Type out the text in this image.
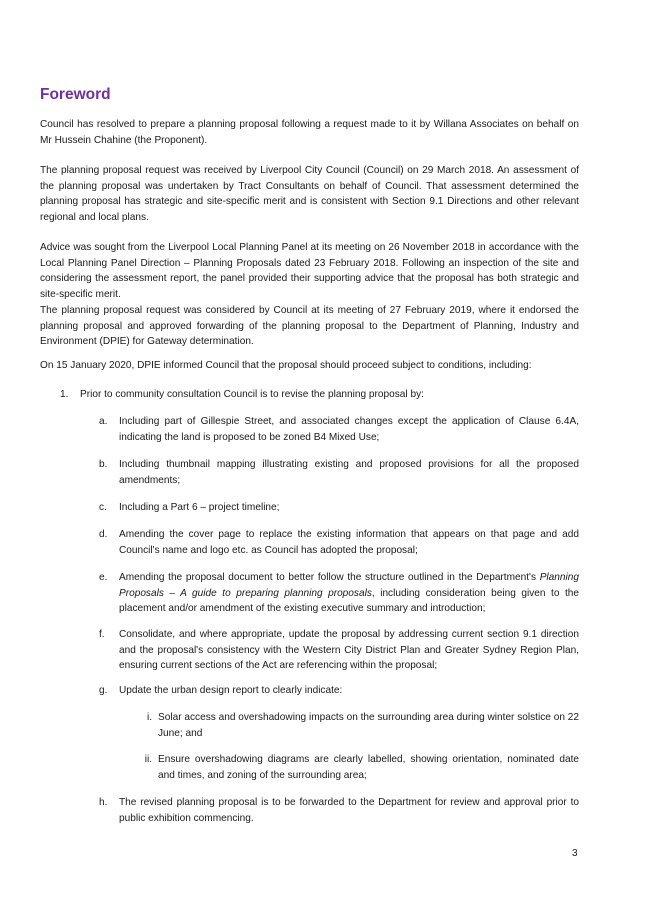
Foreword

Council has resolved to prepare a planning proposal following a request made to it by Willana Associates on behalf on Mr Hussein Chahine (the Proponent).

The planning proposal request was received by Liverpool City Council (Council) on 29 March 2018. An assessment of the planning proposal was undertaken by Tract Consultants on behalf of Council. That assessment determined the planning proposal has strategic and site-specific merit and is consistent with Section 9.1 Directions and other relevant regional and local plans.

Advice was sought from the Liverpool Local Planning Panel at its meeting on 26 November 2018 in accordance with the Local Planning Panel Direction – Planning Proposals dated 23 February 2018. Following an inspection of the site and considering the assessment report, the panel provided their supporting advice that the proposal has both strategic and site-specific merit.

The planning proposal request was considered by Council at its meeting of 27 February 2019, where it endorsed the planning proposal and approved forwarding of the planning proposal to the Department of Planning, Industry and Environment (DPIE) for Gateway determination.

On 15 January 2020, DPIE informed Council that the proposal should proceed subject to conditions, including:

1. Prior to community consultation Council is to revise the planning proposal by:
a. Including part of Gillespie Street, and associated changes except the application of Clause 6.4A, indicating the land is proposed to be zoned B4 Mixed Use;
b. Including thumbnail mapping illustrating existing and proposed provisions for all the proposed amendments;
c. Including a Part 6 – project timeline;
d. Amending the cover page to replace the existing information that appears on that page and add Council's name and logo etc. as Council has adopted the proposal;
e. Amending the proposal document to better follow the structure outlined in the Department's Planning Proposals – A guide to preparing planning proposals, including consideration being given to the placement and/or amendment of the existing executive summary and introduction;
f. Consolidate, and where appropriate, update the proposal by addressing current section 9.1 direction and the proposal's consistency with the Western City District Plan and Greater Sydney Region Plan, ensuring current sections of the Act are referencing within the proposal;
g. Update the urban design report to clearly indicate:
i. Solar access and overshadowing impacts on the surrounding area during winter solstice on 22 June; and
ii. Ensure overshadowing diagrams are clearly labelled, showing orientation, nominated date and times, and zoning of the surrounding area;
h. The revised planning proposal is to be forwarded to the Department for review and approval prior to public exhibition commencing.
3
